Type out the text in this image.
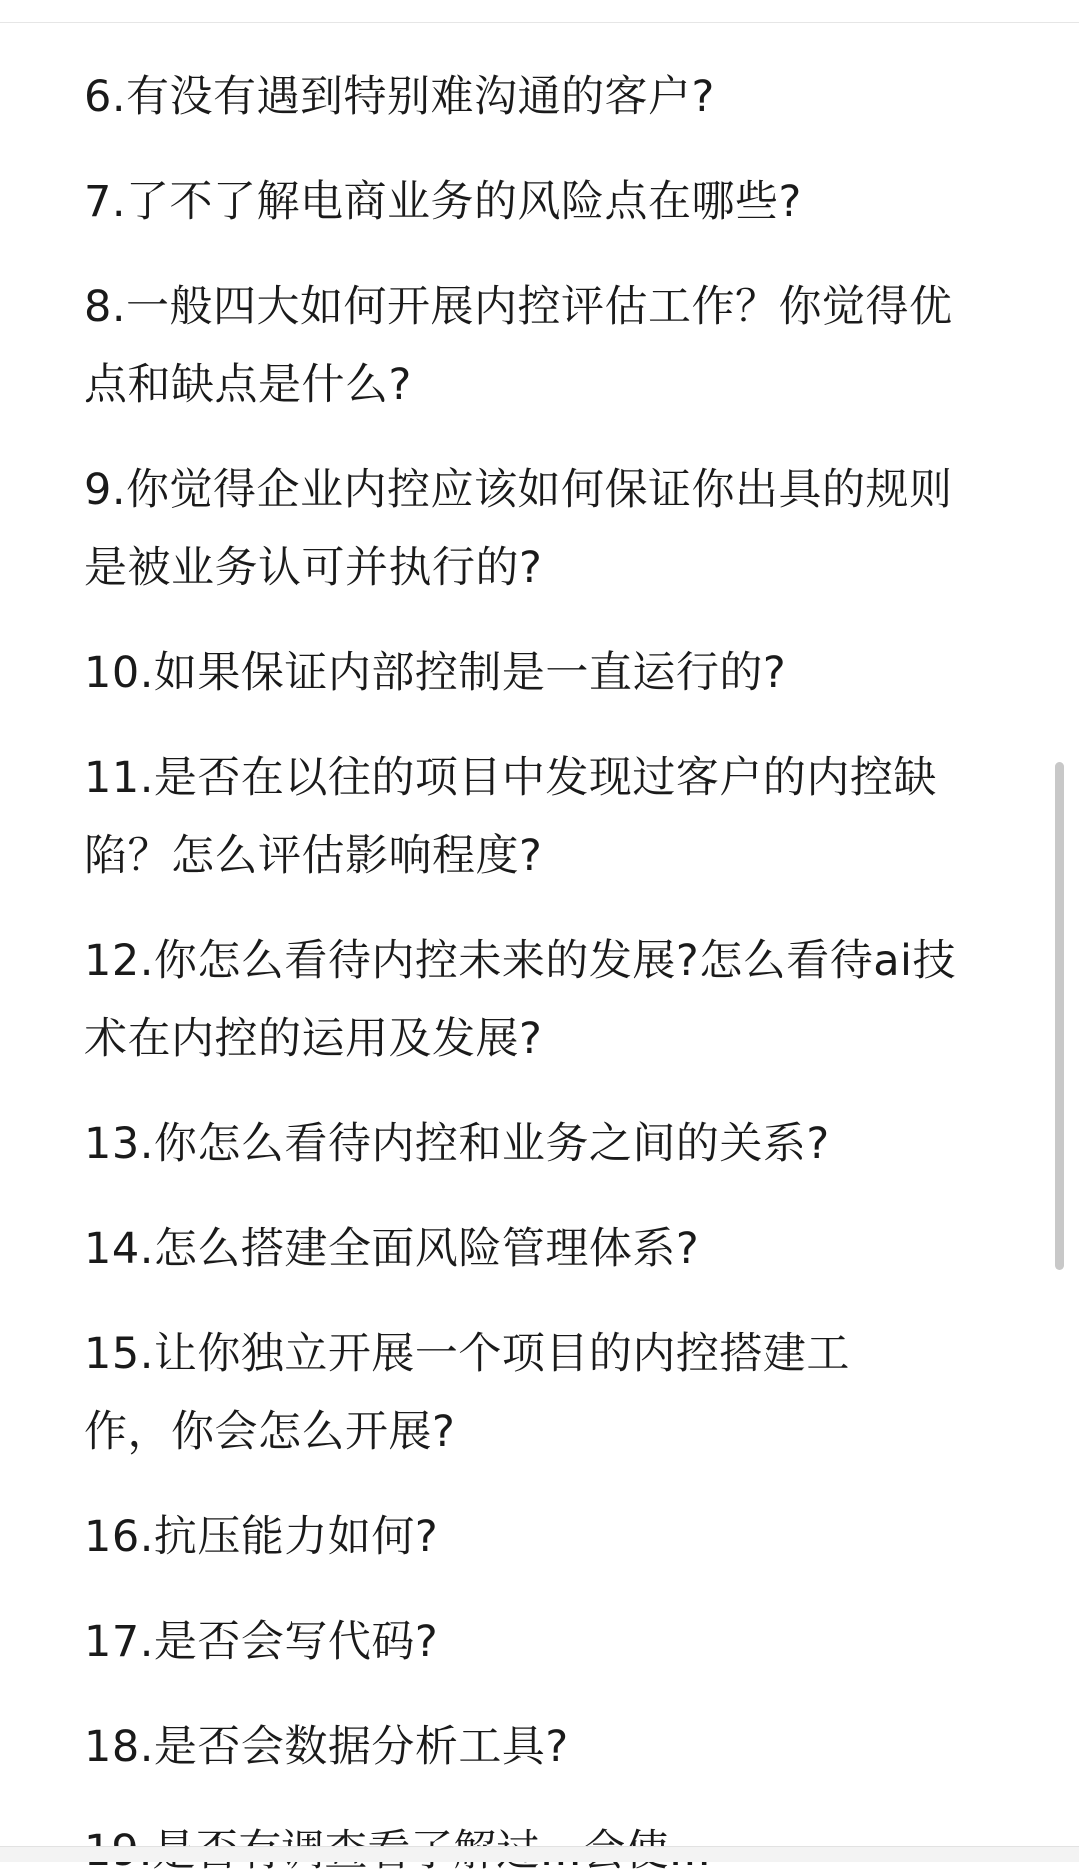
6.有没有遇到特别难沟通的客户?

7.了不了解电商业务的风险点在哪些?

8.一般四大如何开展内控评估工作？你觉得优点和缺点是什么?

9.你觉得企业内控应该如何保证你出具的规则是被业务认可并执行的?

10.如果保证内部控制是一直运行的?

11.是否在以往的项目中发现过客户的内控缺陷？怎么评估影响程度?

12.你怎么看待内控未来的发展?怎么看待ai技术在内控的运用及发展?

13.你怎么看待内控和业务之间的关系?

14.怎么搭建全面风险管理体系?

15.让你独立开展一个项目的内控搭建工作，你会怎么开展?

16.抗压能力如何?

17.是否会写代码?

18.是否会数据分析工具?
